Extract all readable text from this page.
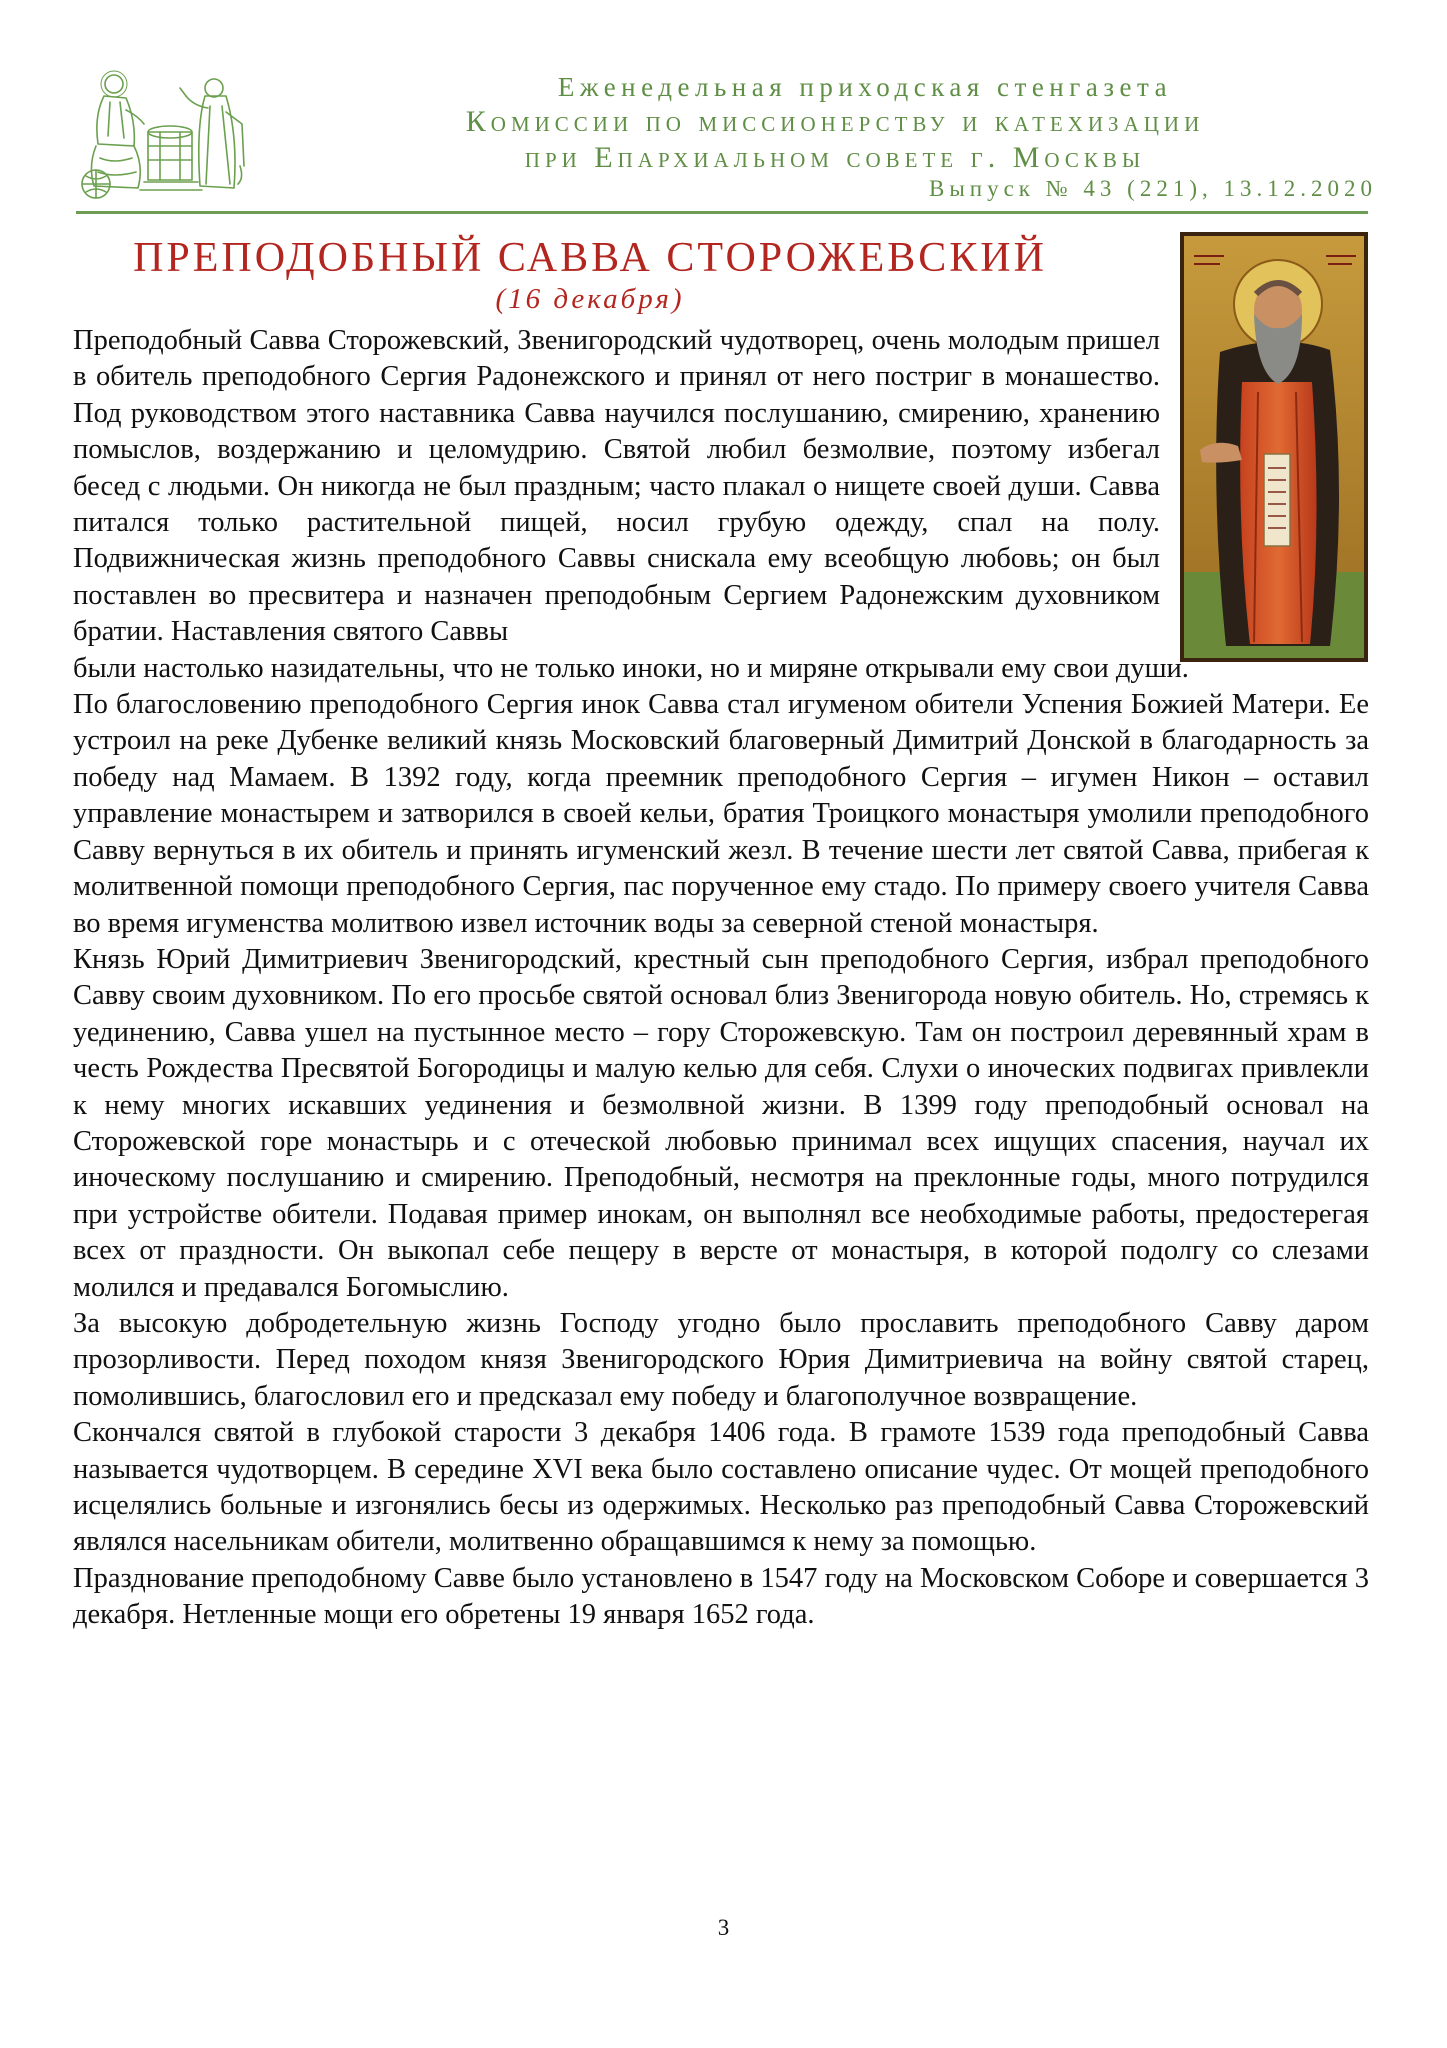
Еженедельная приходская стенгазета
Комиссии по миссионерству и катехизации
при Епархиальном совете г. Москвы
Выпуск № 43 (221), 13.12.2020
ПРЕПОДОБНЫЙ САВВА СТОРОЖЕВСКИЙ
(16 декабря)

Преподобный Савва Сторожевский, Звенигородский чудотворец, очень молодым пришел в обитель преподобного Сергия Радонежского и принял от него постриг в монашество. Под руководством этого наставника Савва научился послушанию, смирению, хранению помыслов, воздержанию и целомудрию. Святой любил безмолвие, поэтому избегал бесед с людьми. Он никогда не был праздным; часто плакал о нищете своей души. Савва питался только растительной пищей, носил грубую одежду, спал на полу. Подвижническая жизнь преподобного Саввы снискала ему всеобщую любовь; он был поставлен во пресвитера и назначен преподобным Сергием Радонежским духовником братии. Наставления святого Саввы
были настолько назидательны, что не только иноки, но и миряне открывали ему свои души.

По благословению преподобного Сергия инок Савва стал игуменом обители Успения Божией Матери. Ее устроил на реке Дубенке великий князь Московский благоверный Димитрий Донской в благодарность за победу над Мамаем. В 1392 году, когда преемник преподобного Сергия – игумен Никон – оставил управление монастырем и затворился в своей кельи, братия Троицкого монастыря умолили преподобного Савву вернуться в их обитель и принять игуменский жезл. В течение шести лет святой Савва, прибегая к молитвенной помощи преподобного Сергия, пас порученное ему стадо. По примеру своего учителя Савва во время игуменства молитвою извел источник воды за северной стеной монастыря.

Князь Юрий Димитриевич Звенигородский, крестный сын преподобного Сергия, избрал преподобного Савву своим духовником. По его просьбе святой основал близ Звенигорода новую обитель. Но, стремясь к уединению, Савва ушел на пустынное место – гору Сторожевскую. Там он построил деревянный храм в честь Рождества Пресвятой Богородицы и малую келью для себя. Слухи о иноческих подвигах привлекли к нему многих искавших уединения и безмолвной жизни. В 1399 году преподобный основал на Сторожевской горе монастырь и с отеческой любовью принимал всех ищущих спасения, научал их иноческому послушанию и смирению. Преподобный, несмотря на преклонные годы, много потрудился при устройстве обители. Подавая пример инокам, он выполнял все необходимые работы, предостерегая всех от праздности. Он выкопал себе пещеру в версте от монастыря, в которой подолгу со слезами молился и предавался Богомыслию.

За высокую добродетельную жизнь Господу угодно было прославить преподобного Савву даром прозорливости. Перед походом князя Звенигородского Юрия Димитриевича на войну святой старец, помолившись, благословил его и предсказал ему победу и благополучное возвращение.

Скончался святой в глубокой старости 3 декабря 1406 года. В грамоте 1539 года преподобный Савва называется чудотворцем. В середине XVI века было составлено описание чудес. От мощей преподобного исцелялись больные и изгонялись бесы из одержимых. Несколько раз преподобный Савва Сторожевский являлся насельникам обители, молитвенно обращавшимся к нему за помощью.

Празднование преподобному Савве было установлено в 1547 году на Московском Соборе и совершается 3 декабря. Нетленные мощи его обретены 19 января 1652 года.

3
